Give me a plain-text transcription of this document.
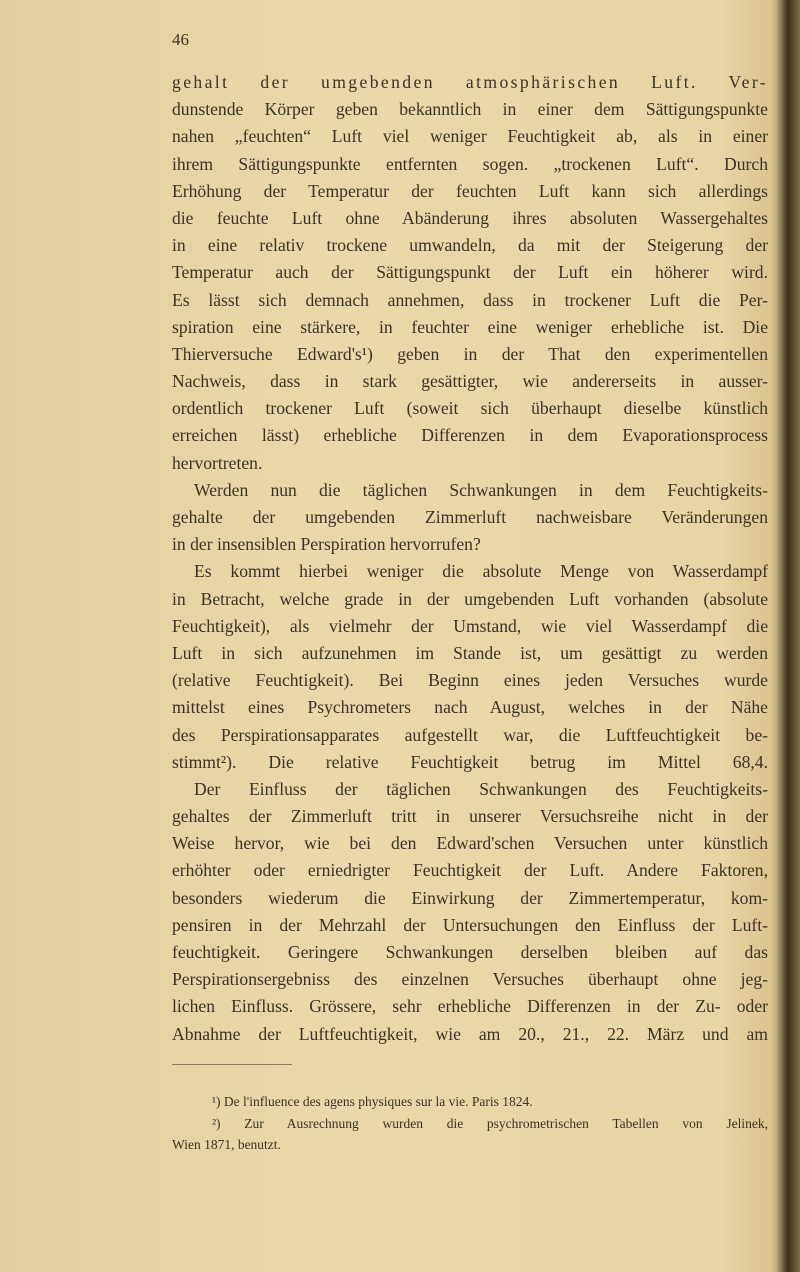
46
gehalt der umgebenden atmosphärischen Luft. Ver-
dunstende Körper geben bekanntlich in einer dem Sättigungspunkte
nahen „feuchten“ Luft viel weniger Feuchtigkeit ab, als in einer
ihrem Sättigungspunkte entfernten sogen. „trockenen Luft“. Durch
Erhöhung der Temperatur der feuchten Luft kann sich allerdings
die feuchte Luft ohne Abänderung ihres absoluten Wassergehaltes
in eine relativ trockene umwandeln, da mit der Steigerung der
Temperatur auch der Sättigungspunkt der Luft ein höherer wird.
Es lässt sich demnach annehmen, dass in trockener Luft die Per-
spiration eine stärkere, in feuchter eine weniger erhebliche ist. Die
Thierversuche Edward's¹) geben in der That den experimentellen
Nachweis, dass in stark gesättigter, wie andererseits in ausser-
ordentlich trockener Luft (soweit sich überhaupt dieselbe künstlich
erreichen lässt) erhebliche Differenzen in dem Evaporationsprocess
hervortreten.
Werden nun die täglichen Schwankungen in dem Feuchtigkeits-
gehalte der umgebenden Zimmerluft nachweisbare Veränderungen
in der insensiblen Perspiration hervorrufen?
Es kommt hierbei weniger die absolute Menge von Wasserdampf
in Betracht, welche grade in der umgebenden Luft vorhanden (absolute
Feuchtigkeit), als vielmehr der Umstand, wie viel Wasserdampf die
Luft in sich aufzunehmen im Stande ist, um gesättigt zu werden
(relative Feuchtigkeit). Bei Beginn eines jeden Versuches wurde
mittelst eines Psychrometers nach August, welches in der Nähe
des Perspirationsapparates aufgestellt war, die Luftfeuchtigkeit be-
stimmt²). Die relative Feuchtigkeit betrug im Mittel 68,4.
Der Einfluss der täglichen Schwankungen des Feuchtigkeits-
gehaltes der Zimmerluft tritt in unserer Versuchsreihe nicht in der
Weise hervor, wie bei den Edward'schen Versuchen unter künstlich
erhöhter oder erniedrigter Feuchtigkeit der Luft. Andere Faktoren,
besonders wiederum die Einwirkung der Zimmertemperatur, kom-
pensiren in der Mehrzahl der Untersuchungen den Einfluss der Luft-
feuchtigkeit. Geringere Schwankungen derselben bleiben auf das
Perspirationsergebniss des einzelnen Versuches überhaupt ohne jeg-
lichen Einfluss. Grössere, sehr erhebliche Differenzen in der Zu- oder
Abnahme der Luftfeuchtigkeit, wie am 20., 21., 22. März und am
¹) De l'influence des agens physiques sur la vie. Paris 1824.
²) Zur Ausrechnung wurden die psychrometrischen Tabellen von Jelinek,
Wien 1871, benutzt.
